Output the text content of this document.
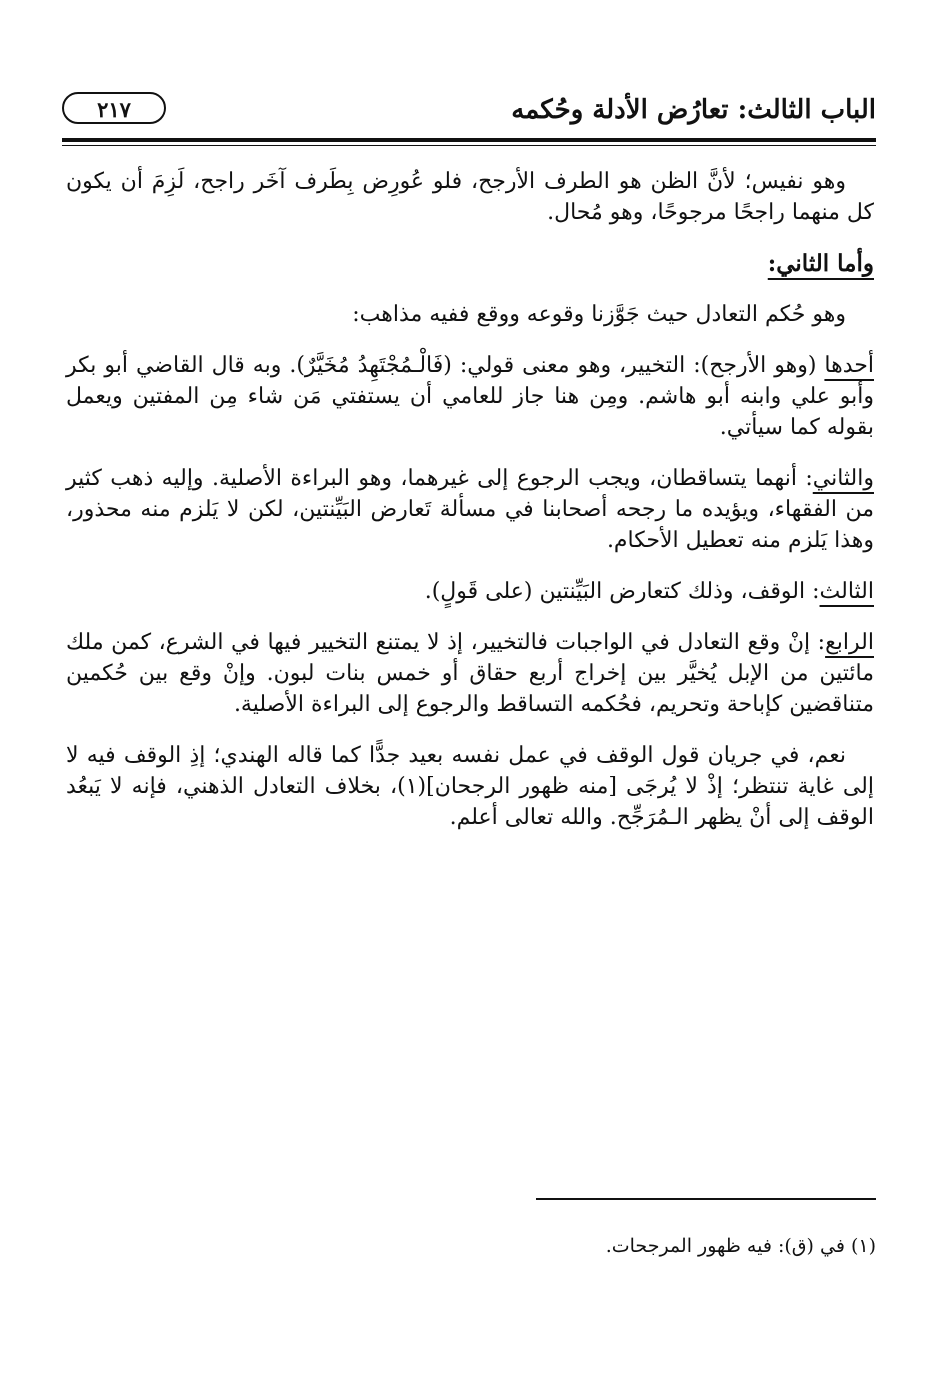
الباب الثالث: تعارُض الأدلة وحُكمه
٢١٧

وهو نفيس؛ لأنَّ الظن هو الطرف الأرجح، فلو عُورِض بِطَرف آخَر راجح، لَزِمَ أن يكون كل منهما راجحًا مرجوحًا، وهو مُحال.

وأما الثاني:

وهو حُكم التعادل حيث جَوَّزنا وقوعه ووقع ففيه مذاهب:

أحدها (وهو الأرجح): التخيير، وهو معنى قولي: (فَالْـمُجْتَهِدُ مُخَيَّرٌ). وبه قال القاضي أبو بكر وأبو علي وابنه أبو هاشم. ومِن هنا جاز للعامي أن يستفتي مَن شاء مِن المفتين ويعمل بقوله كما سيأتي.

والثاني: أنهما يتساقطان، ويجب الرجوع إلى غيرهما، وهو البراءة الأصلية. وإليه ذهب كثير من الفقهاء، ويؤيده ما رجحه أصحابنا في مسألة تَعارض البَيِّنتين، لكن لا يَلزم منه محذور، وهذا يَلزم منه تعطيل الأحكام.

الثالث: الوقف، وذلك كتعارض البَيِّنتين (على قَولٍ).

الرابع: إنْ وقع التعادل في الواجبات فالتخيير، إذ لا يمتنع التخيير فيها في الشرع، كمن ملك مائتين من الإبل يُخيَّر بين إخراج أربع حقاق أو خمس بنات لبون. وإنْ وقع بين حُكمين متناقضين كإباحة وتحريم، فحُكمه التساقط والرجوع إلى البراءة الأصلية.

نعم، في جريان قول الوقف في عمل نفسه بعيد جدًّا كما قاله الهندي؛ إذِ الوقف فيه لا إلى غاية تنتظر؛ إذْ لا يُرجَى [منه ظهور الرجحان](١)، بخلاف التعادل الذهني، فإنه لا يَبعُد الوقف إلى أنْ يظهر الـمُرَجِّح. والله تعالى أعلم.

(١) في (ق): فيه ظهور المرجحات.
